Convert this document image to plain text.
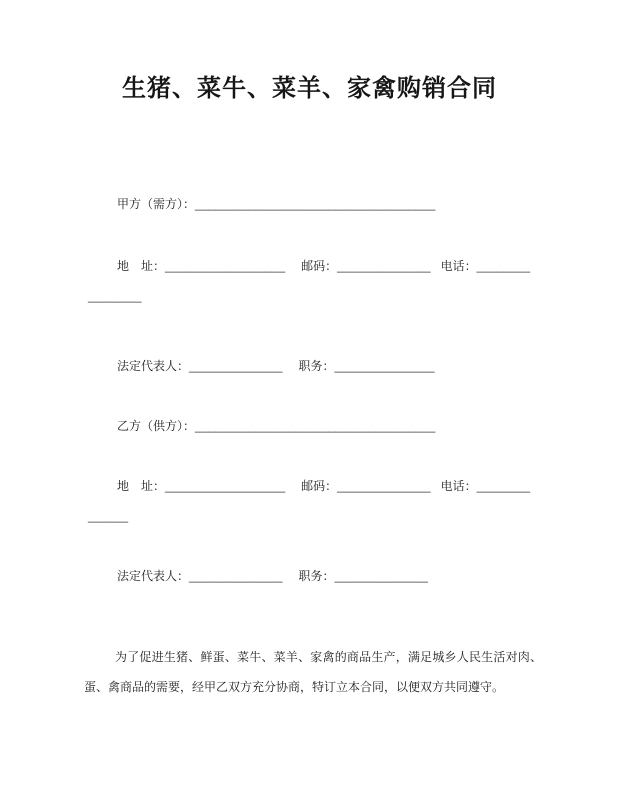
生猪、菜牛、菜羊、家禽购销合同
甲方（需方）：____________________________________
地　址：__________________ 邮码：______________ 电话：________
________
法定代表人：______________ 职务：_______________
乙方（供方）：____________________________________
地　址：__________________ 邮码：______________ 电话：________
______
法定代表人：______________ 职务：______________

为了促进生猪、鲜蛋、菜牛、菜羊、家禽的商品生产，满足城乡人民生活对肉、蛋、禽商品的需要，经甲乙双方充分协商，特订立本合同，以便双方共同遵守。
